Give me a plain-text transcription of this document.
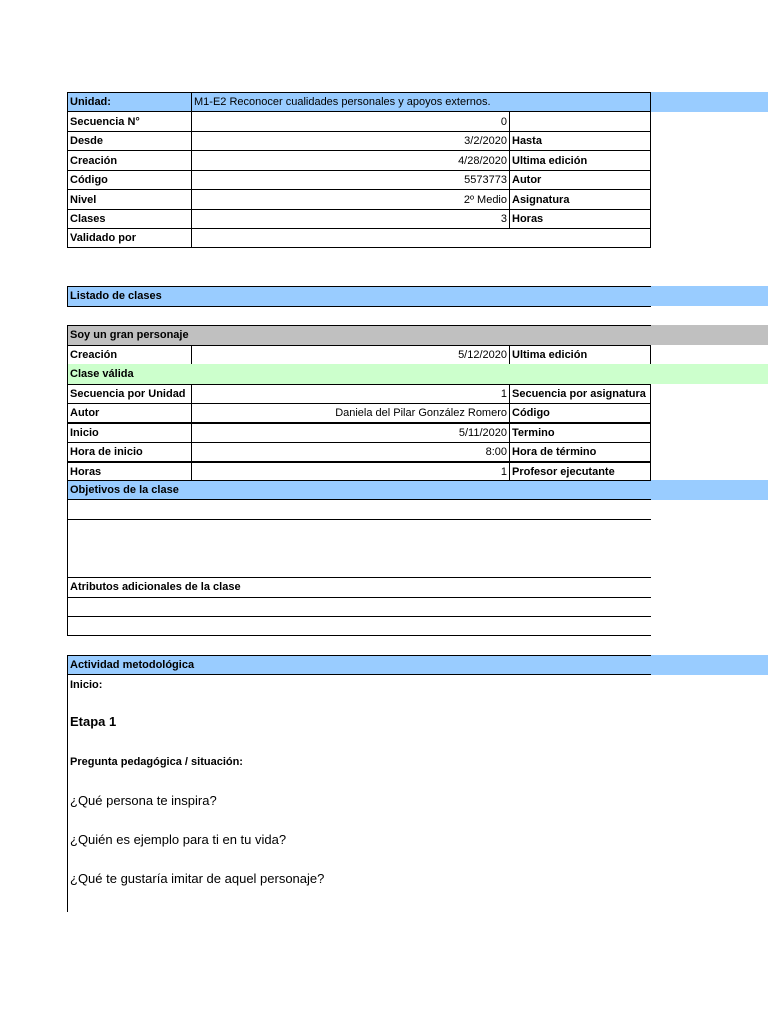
Unidad:	M1-E2 Reconocer cualidades personales y apoyos externos.
Secuencia N°	0
Desde	3/2/2020 Hasta
Creación	4/28/2020 Ultima edición
Código	5573773 Autor
Nivel	2º Medio Asignatura
Clases	3 Horas
Validado por
Listado de clases
Soy un gran personaje
Creación	5/12/2020 Ultima edición
Clase válida
Secuencia por Unidad	1 Secuencia por asignatura
Autor	Daniela del Pilar González Romero Código
Inicio	5/11/2020 Termino
Hora de inicio	8:00 Hora de término
Horas	1 Profesor ejecutante
Objetivos de la clase
Atributos adicionales de la clase
Actividad metodológica
Inicio:
Etapa 1
Pregunta pedagógica / situación:
¿Qué persona te inspira?
¿Quién es ejemplo para ti en tu vida?
¿Qué te gustaría imitar de aquel personaje?
